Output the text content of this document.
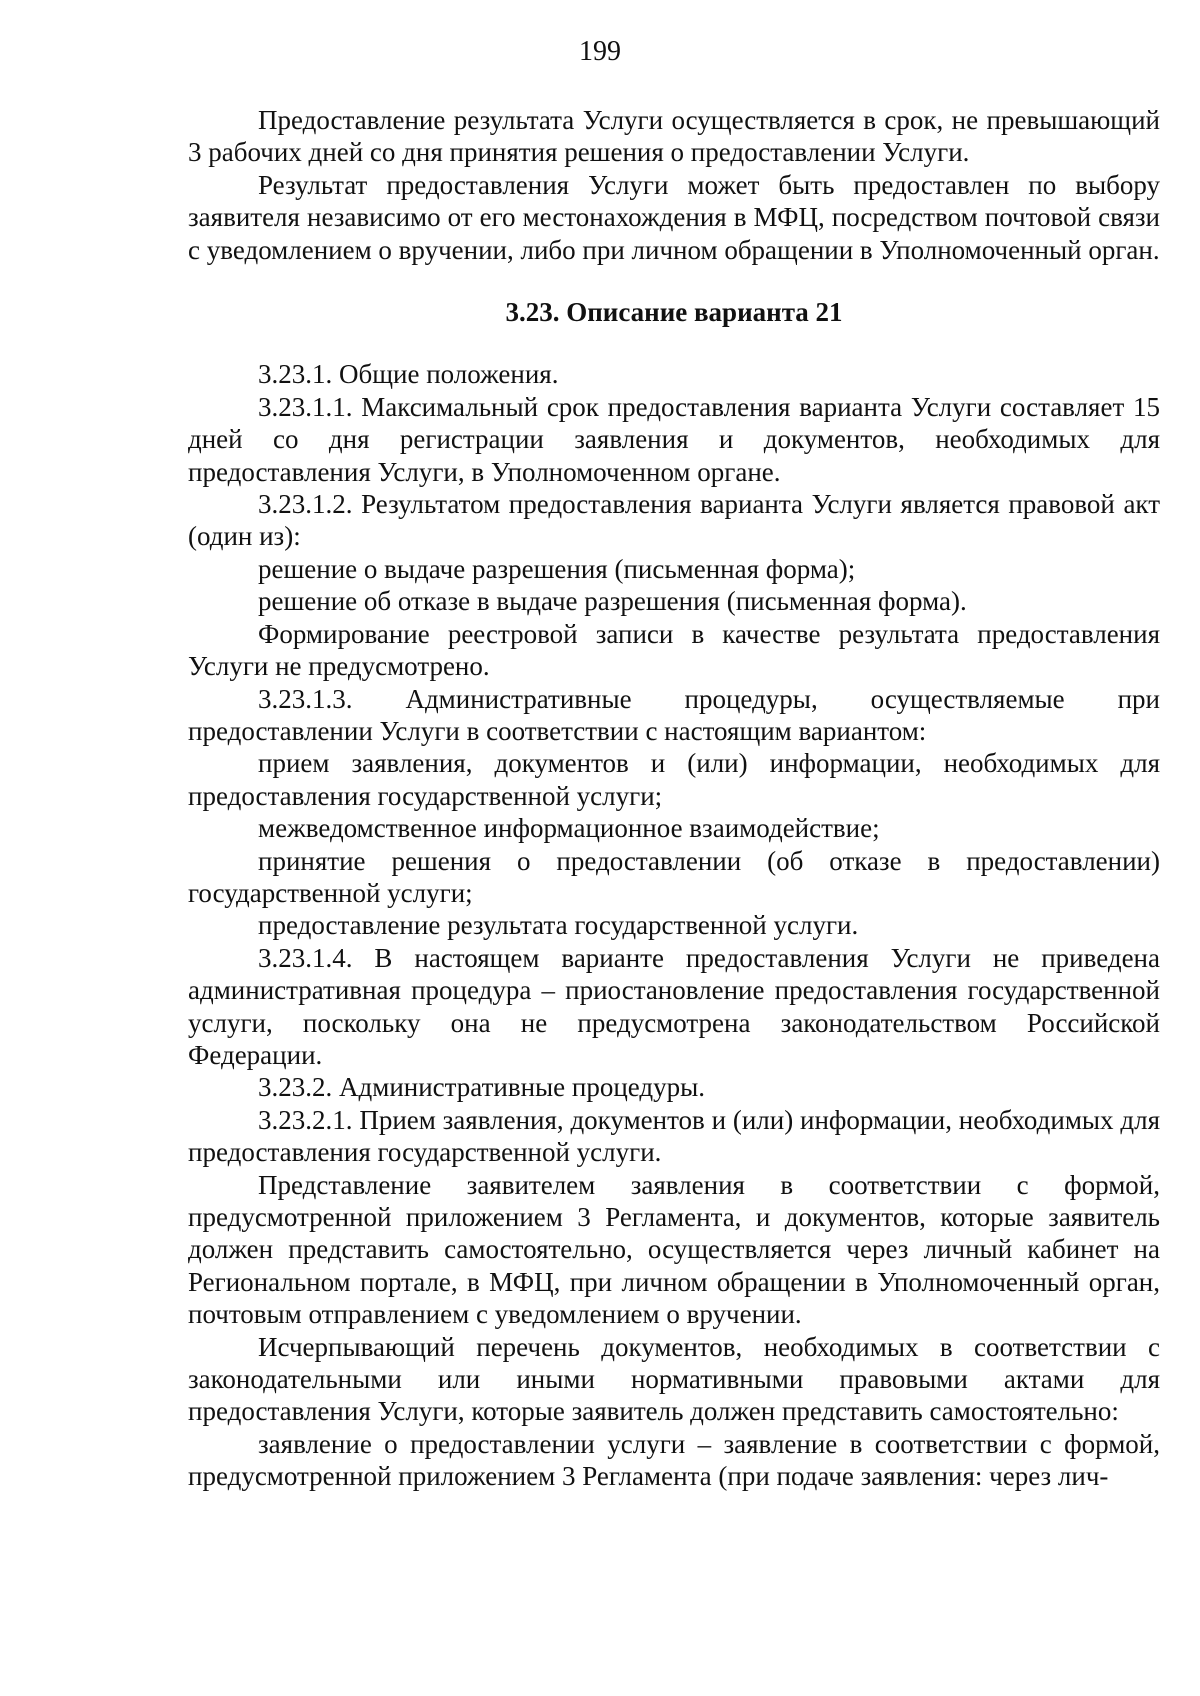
199

Предоставление результата Услуги осуществляется в срок, не превышающий 3 рабочих дней со дня принятия решения о предоставлении Услуги.

Результат предоставления Услуги может быть предоставлен по выбору заявителя независимо от его местонахождения в МФЦ, посредством почтовой связи с уведомлением о вручении, либо при личном обращении в Уполномоченный орган.

3.23. Описание варианта 21

3.23.1. Общие положения.

3.23.1.1. Максимальный срок предоставления варианта Услуги составляет 15 дней со дня регистрации заявления и документов, необходимых для предоставления Услуги, в Уполномоченном органе.

3.23.1.2. Результатом предоставления варианта Услуги является правовой акт (один из):

решение о выдаче разрешения (письменная форма);

решение об отказе в выдаче разрешения (письменная форма).

Формирование реестровой записи в качестве результата предоставления Услуги не предусмотрено.

3.23.1.3. Административные процедуры, осуществляемые при предоставлении Услуги в соответствии с настоящим вариантом:

прием заявления, документов и (или) информации, необходимых для предоставления государственной услуги;

межведомственное информационное взаимодействие;

принятие решения о предоставлении (об отказе в предоставлении) государственной услуги;

предоставление результата государственной услуги.

3.23.1.4. В настоящем варианте предоставления Услуги не приведена административная процедура – приостановление предоставления государственной услуги, поскольку она не предусмотрена законодательством Российской Федерации.

3.23.2. Административные процедуры.

3.23.2.1. Прием заявления, документов и (или) информации, необходимых для предоставления государственной услуги.

Представление заявителем заявления в соответствии с формой, предусмотренной приложением 3 Регламента, и документов, которые заявитель должен представить самостоятельно, осуществляется через личный кабинет на Региональном портале, в МФЦ, при личном обращении в Уполномоченный орган, почтовым отправлением с уведомлением о вручении.

Исчерпывающий перечень документов, необходимых в соответствии с законодательными или иными нормативными правовыми актами для предоставления Услуги, которые заявитель должен представить самостоятельно:

заявление о предоставлении услуги – заявление в соответствии с формой, предусмотренной приложением 3 Регламента (при подаче заявления: через лич-
